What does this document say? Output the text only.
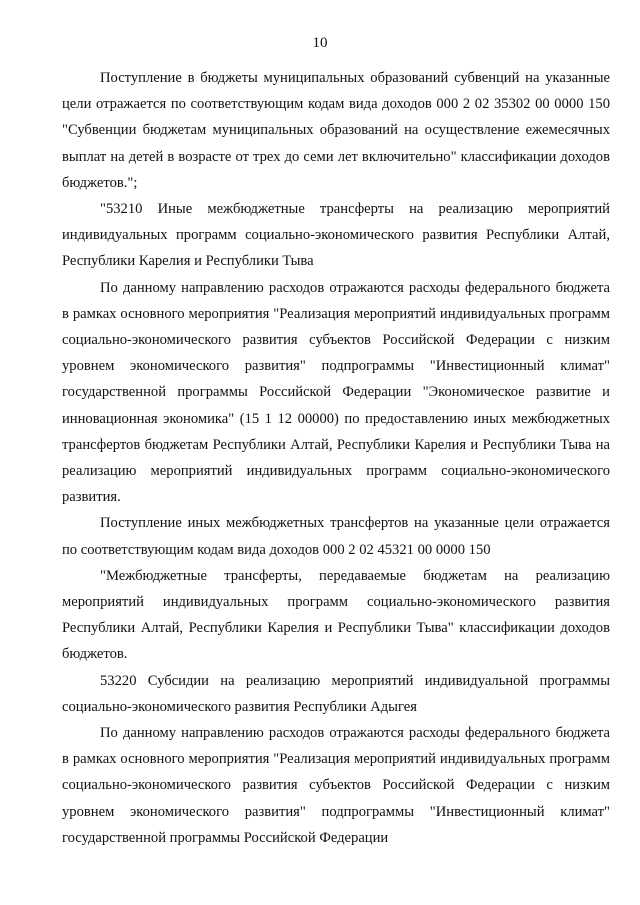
10

Поступление в бюджеты муниципальных образований субвенций на указанные цели отражается по соответствующим кодам вида доходов 000 2 02 35302 00 0000 150 "Субвенции бюджетам муниципальных образований на осуществление ежемесячных выплат на детей в возрасте от трех до семи лет включительно" классификации доходов бюджетов.";

"53210 Иные межбюджетные трансферты на реализацию мероприятий индивидуальных программ социально-экономического развития Республики Алтай, Республики Карелия и Республики Тыва

По данному направлению расходов отражаются расходы федерального бюджета в рамках основного мероприятия "Реализация мероприятий индивидуальных программ социально-экономического развития субъектов Российской Федерации с низким уровнем экономического развития" подпрограммы "Инвестиционный климат" государственной программы Российской Федерации "Экономическое развитие и инновационная экономика" (15 1 12 00000) по предоставлению иных межбюджетных трансфертов бюджетам Республики Алтай, Республики Карелия и Республики Тыва на реализацию мероприятий индивидуальных программ социально-экономического развития.

Поступление иных межбюджетных трансфертов на указанные цели отражается по соответствующим кодам вида доходов 000 2 02 45321 00 0000 150

"Межбюджетные трансферты, передаваемые бюджетам на реализацию мероприятий индивидуальных программ социально-экономического развития Республики Алтай, Республики Карелия и Республики Тыва" классификации доходов бюджетов.

53220 Субсидии на реализацию мероприятий индивидуальной программы социально-экономического развития Республики Адыгея

По данному направлению расходов отражаются расходы федерального бюджета в рамках основного мероприятия "Реализация мероприятий индивидуальных программ социально-экономического развития субъектов Российской Федерации с низким уровнем экономического развития" подпрограммы "Инвестиционный климат" государственной программы Российской Федерации
